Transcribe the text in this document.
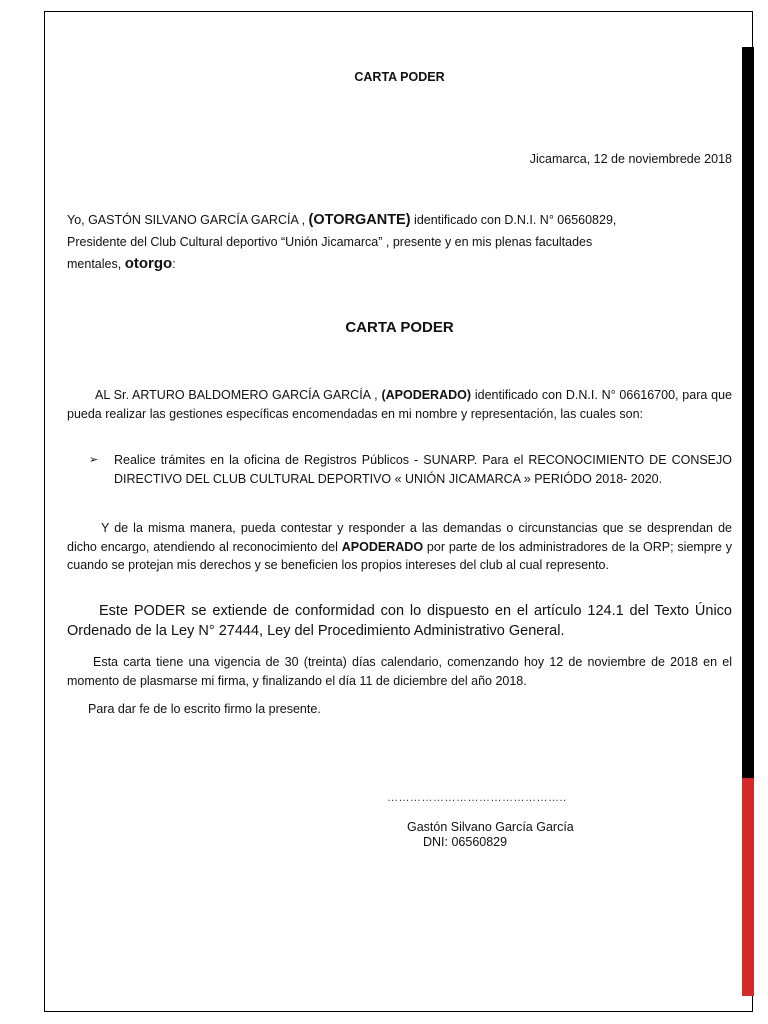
CARTA PODER
Jicamarca, 12 de noviembrede 2018

Yo, GASTÓN SILVANO GARCÍA GARCÍA , (OTORGANTE) identificado con D.N.I. N° 06560829,
Presidente del Club Cultural deportivo “Unión Jicamarca” , presente y en mis plenas facultades
mentales, otorgo:

CARTA PODER

AL Sr. ARTURO BALDOMERO GARCÍA GARCÍA , (APODERADO) identificado con D.N.I. N° 06616700, para que pueda realizar las gestiones específicas encomendadas en mi nombre y representación, las cuales son:

➢ Realice trámites en la oficina de Registros Públicos - SUNARP. Para el RECONOCIMIENTO DE CONSEJO DIRECTIVO DEL CLUB CULTURAL DEPORTIVO « UNIÓN JICAMARCA » PERIÓDO 2018- 2020.

Y de la misma manera, pueda contestar y responder a las demandas o circunstancias que se desprendan de dicho encargo, atendiendo al reconocimiento del APODERADO por parte de los administradores de la ORP; siempre y cuando se protejan mis derechos y se beneficien los propios intereses del club al cual represento.

Este PODER se extiende de conformidad con lo dispuesto en el artículo 124.1 del Texto Único Ordenado de la Ley N° 27444, Ley del Procedimiento Administrativo General.

Esta carta tiene una vigencia de 30 (treinta) días calendario, comenzando hoy 12 de noviembre de 2018 en el momento de plasmarse mi firma, y finalizando el día 11 de diciembre del año 2018.

Para dar fe de lo escrito firmo la presente.

………………………………………..
Gastón Silvano García García
DNI: 06560829
